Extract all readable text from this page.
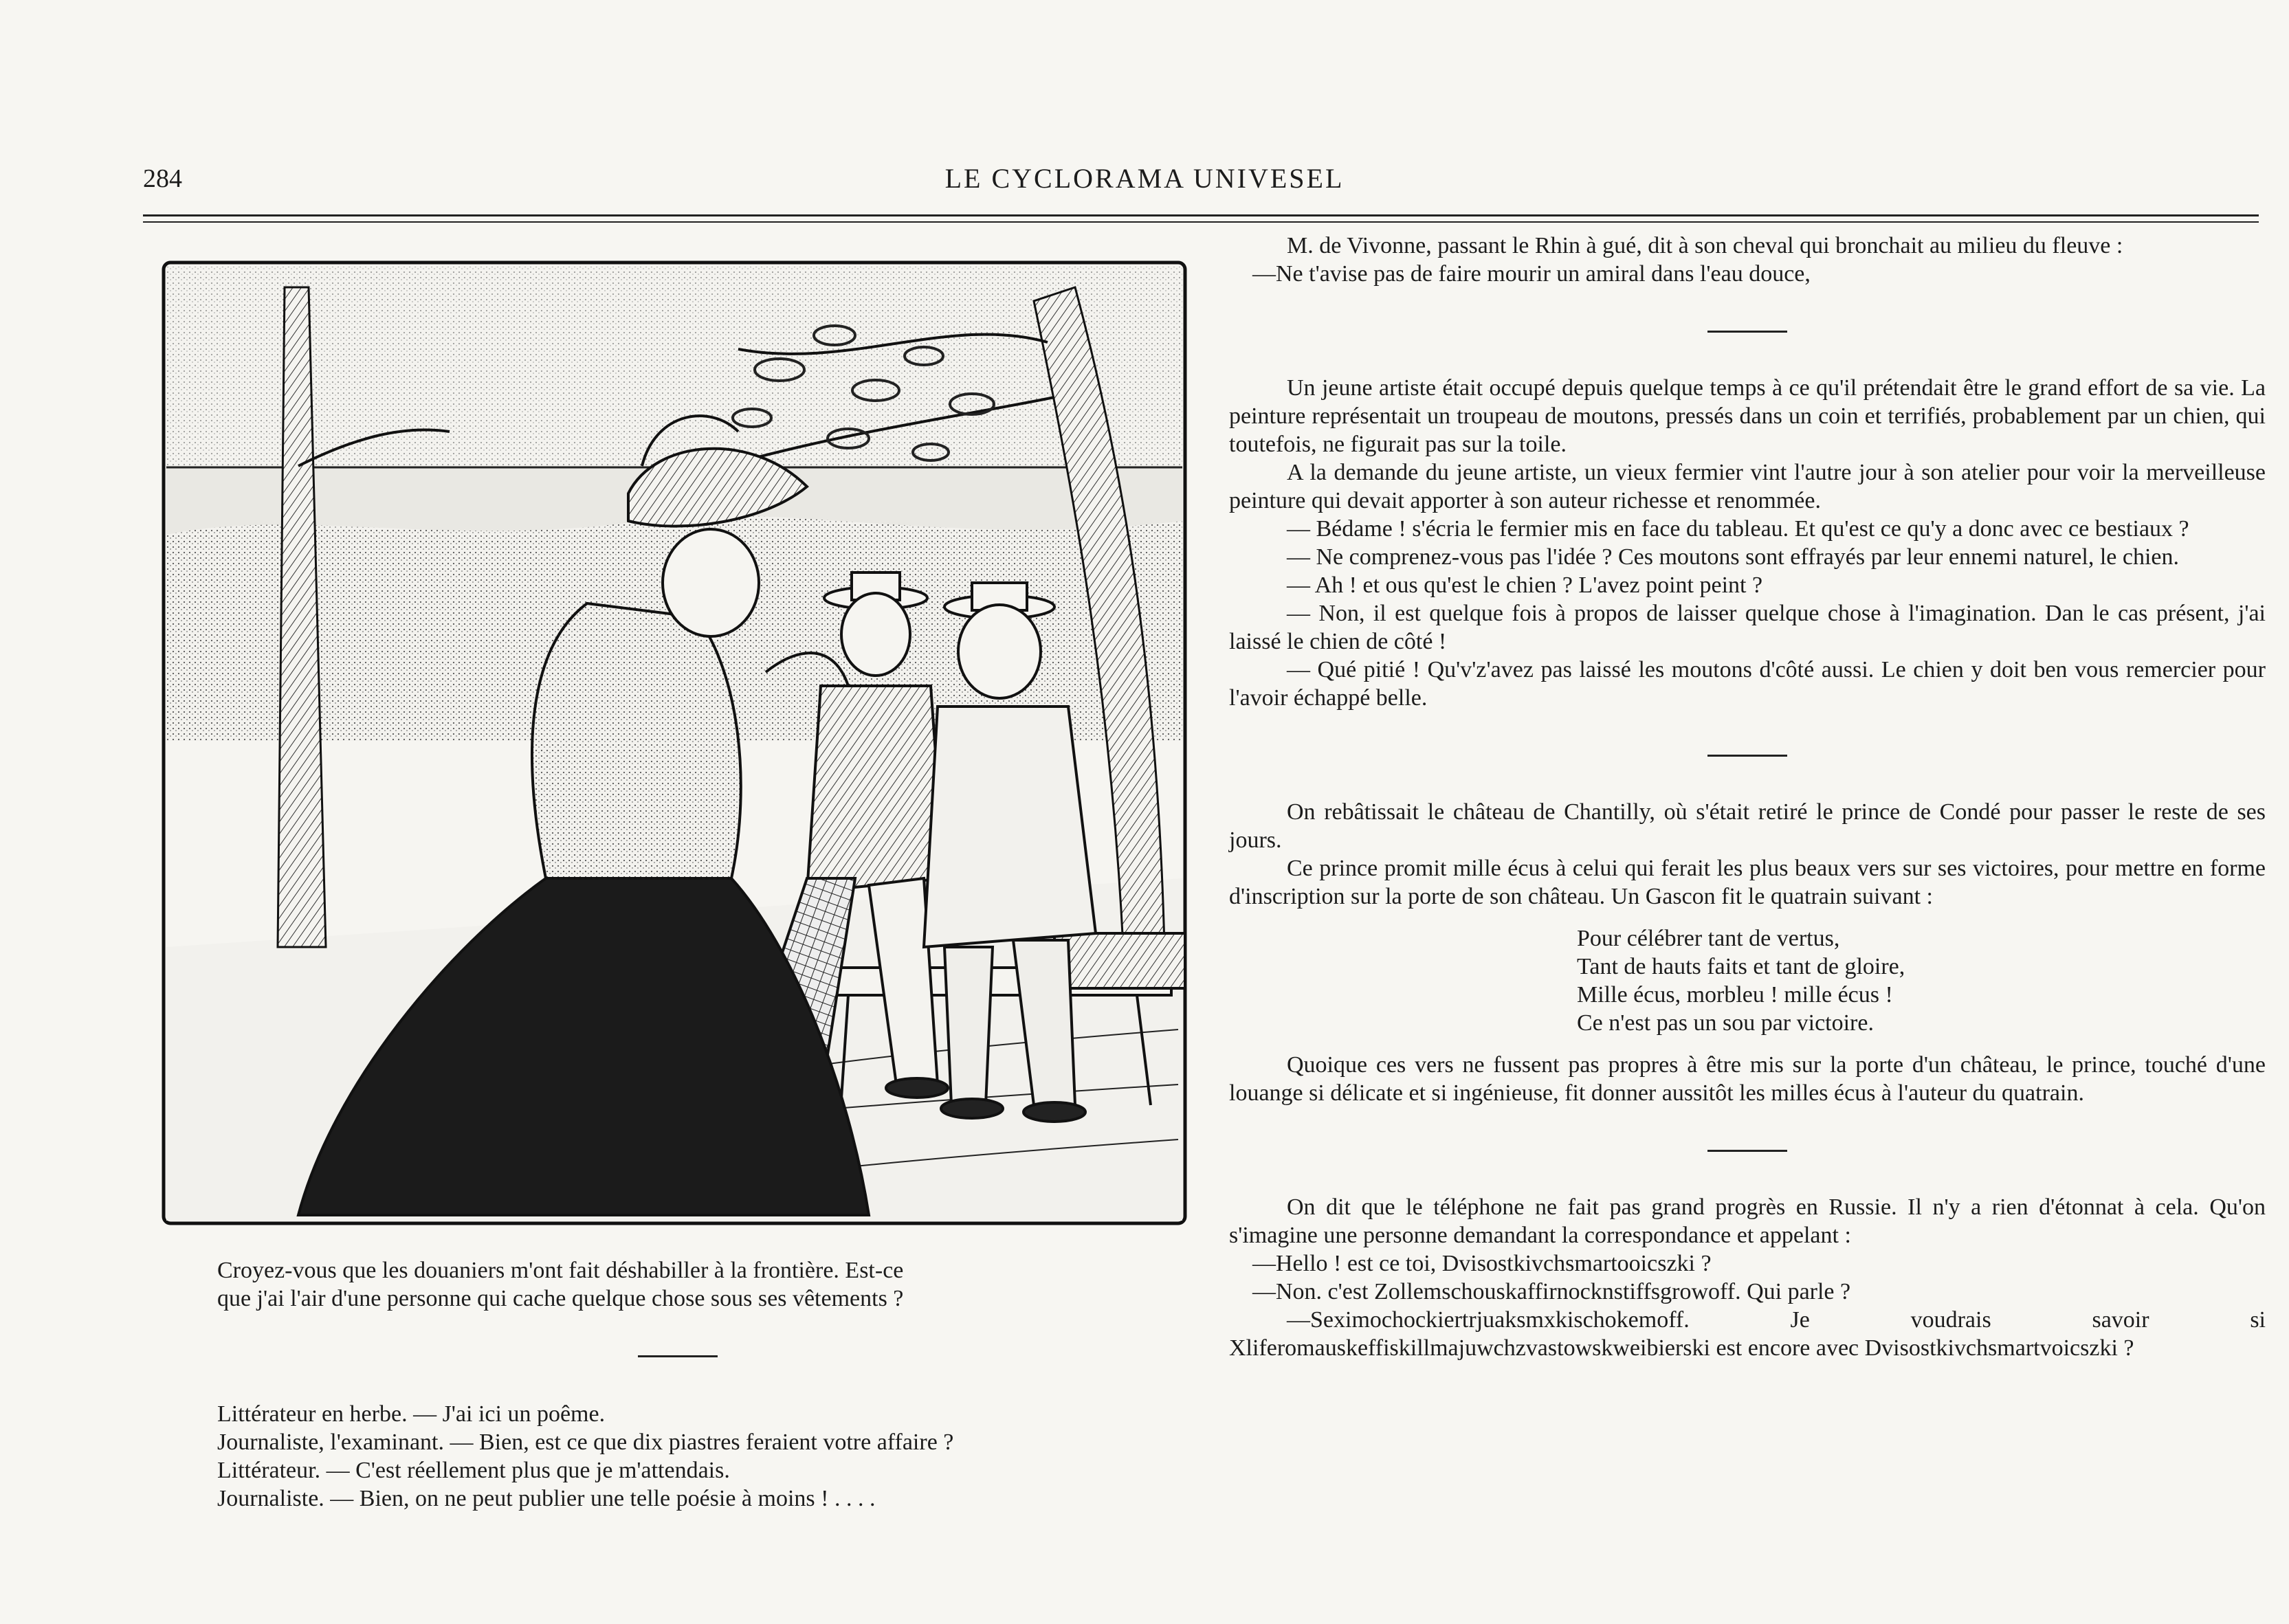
284	LE CYCLORAMA UNIVESEL

Croyez-vous que les douaniers m'ont fait déshabiller à la frontière. Est-ce

que j'ai l'air d'une personne qui cache quelque chose sous ses vêtements ?

Littérateur en herbe. — J'ai ici un poême.

Journaliste, l'examinant. — Bien, est ce que dix piastres feraient votre affaire ?

Littérateur. — C'est réellement plus que je m'attendais.

Journaliste. — Bien, on ne peut publier une telle poésie à moins ! . . . .

M. de Vivonne, passant le Rhin à gué, dit à son cheval qui bronchait au milieu du fleuve :

—Ne t'avise pas de faire mourir un amiral dans l'eau douce,

Un jeune artiste était occupé depuis quelque temps à ce qu'il prétendait être le grand effort de sa vie. La peinture représentait un troupeau de moutons, pressés dans un coin et terrifiés, probablement par un chien, qui toutefois, ne figurait pas sur la toile.

A la demande du jeune artiste, un vieux fermier vint l'autre jour à son atelier pour voir la merveilleuse peinture qui devait apporter à son auteur richesse et renommée.

— Bédame ! s'écria le fermier mis en face du tableau. Et qu'est ce qu'y a donc avec ce bestiaux ?

— Ne comprenez-vous pas l'idée ? Ces moutons sont effrayés par leur ennemi naturel, le chien.

— Ah ! et ous qu'est le chien ? L'avez point peint ?

— Non, il est quelque fois à propos de laisser quelque chose à l'imagination. Dan le cas présent, j'ai laissé le chien de côté !

— Qué pitié ! Qu'v'z'avez pas laissé les moutons d'côté aussi. Le chien y doit ben vous remercier pour l'avoir échappé belle.

On rebâtissait le château de Chantilly, où s'était retiré le prince de Condé pour passer le reste de ses jours.

Ce prince promit mille écus à celui qui ferait les plus beaux vers sur ses victoires, pour mettre en forme d'inscription sur la porte de son château. Un Gascon fit le quatrain suivant :

Pour célébrer tant de vertus,

Tant de hauts faits et tant de gloire,

Mille écus, morbleu ! mille écus !

Ce n'est pas un sou par victoire.

Quoique ces vers ne fussent pas propres à être mis sur la porte d'un château, le prince, touché d'une louange si délicate et si ingénieuse, fit donner aussitôt les milles écus à l'auteur du quatrain.

On dit que le téléphone ne fait pas grand progrès en Russie. Il n'y a rien d'étonnat à cela. Qu'on s'imagine une personne demandant la correspondance et appelant :

—Hello ! est ce toi, Dvisostkivchsmartooicszki ?

—Non. c'est Zollemschouskaffirnocknstiffsgrowoff. Qui parle ?

—Seximochockiertrjuaksmxkischokemoff. Je voudrais savoir si Xliferomauskeffiskillmajuwchzvastowskweibierski est encore avec Dvisostkivchsmartvoicszki ?
